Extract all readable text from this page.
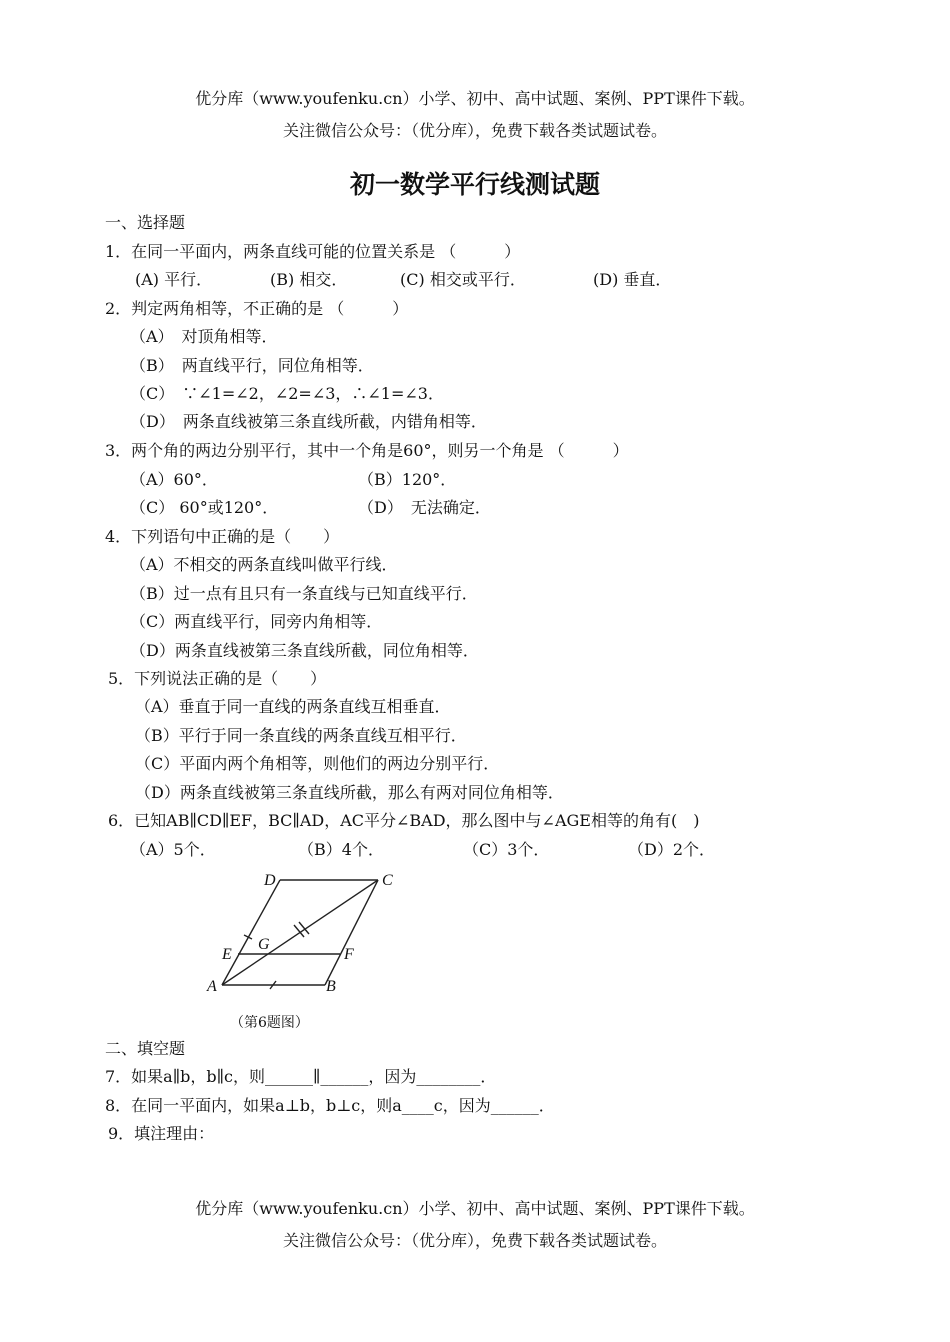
优分库（www.youfenku.cn）小学、初中、高中试题、案例、PPT课件下载。
关注微信公众号：（优分库），免费下载各类试题试卷。
初一数学平行线测试题
一、选择题
1．在同一平面内，两条直线可能的位置关系是 （　　　）
(A) 平行．	(B) 相交．	(C) 相交或平行．	(D) 垂直．
2．判定两角相等，不正确的是 （　　　）
（A）　对顶角相等．
（B）　两直线平行，同位角相等．
（C）　∵∠1=∠2，∠2=∠3，∴∠1=∠3．
（D）　两条直线被第三条直线所截，内错角相等．
3．两个角的两边分别平行，其中一个角是60°，则另一个角是 （　　　）
（A）60°．	（B）120°．
（C） 60°或120°．	（D）　无法确定．
4．下列语句中正确的是（　　）
（A）不相交的两条直线叫做平行线．
（B）过一点有且只有一条直线与已知直线平行．
（C）两直线平行，同旁内角相等．
（D）两条直线被第三条直线所截，同位角相等．
5．下列说法正确的是（　　）
（A）垂直于同一直线的两条直线互相垂直．
（B）平行于同一条直线的两条直线互相平行．
（C）平面内两个角相等，则他们的两边分别平行．
（D）两条直线被第三条直线所截，那么有两对同位角相等．
6．已知AB∥CD∥EF，BC∥AD，AC平分∠BAD，那么图中与∠AGE相等的角有(　)
（A）5个．	（B）4个．	（C）3个．	（D）2个．
D	C
E
G
F
A	B
（第6题图）
二、填空题
7．如果a∥b，b∥c，则______∥______，因为________．
8．在同一平面内，如果a⊥b，b⊥c，则a____c，因为______．
9．填注理由：
优分库（www.youfenku.cn）小学、初中、高中试题、案例、PPT课件下载。
关注微信公众号：（优分库），免费下载各类试题试卷。
